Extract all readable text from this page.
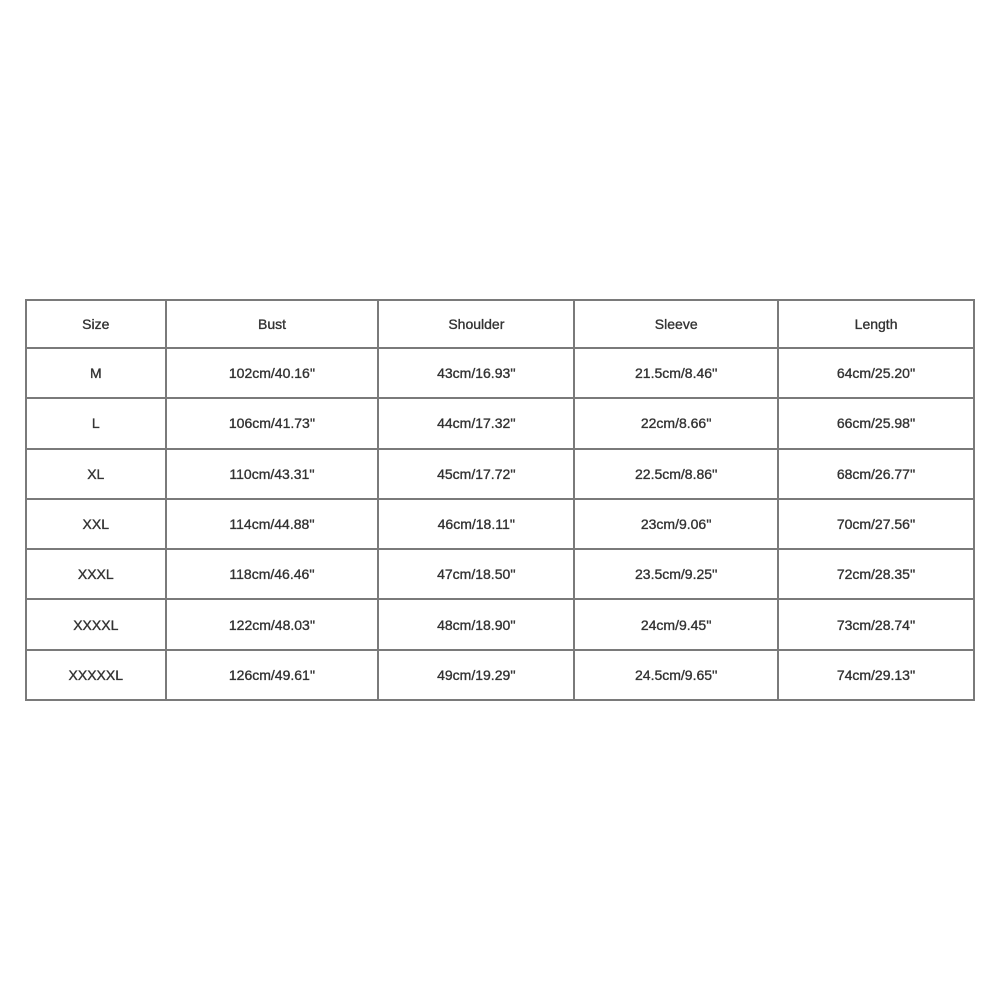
Size	Bust	Shoulder	Sleeve	Length
M	102cm/40.16''	43cm/16.93''	21.5cm/8.46''	64cm/25.20''
L	106cm/41.73''	44cm/17.32''	22cm/8.66''	66cm/25.98''
XL	110cm/43.31''	45cm/17.72''	22.5cm/8.86''	68cm/26.77''
XXL	114cm/44.88''	46cm/18.11''	23cm/9.06''	70cm/27.56''
XXXL	118cm/46.46''	47cm/18.50''	23.5cm/9.25''	72cm/28.35''
XXXXL	122cm/48.03''	48cm/18.90''	24cm/9.45''	73cm/28.74''
XXXXXL	126cm/49.61''	49cm/19.29''	24.5cm/9.65''	74cm/29.13''
